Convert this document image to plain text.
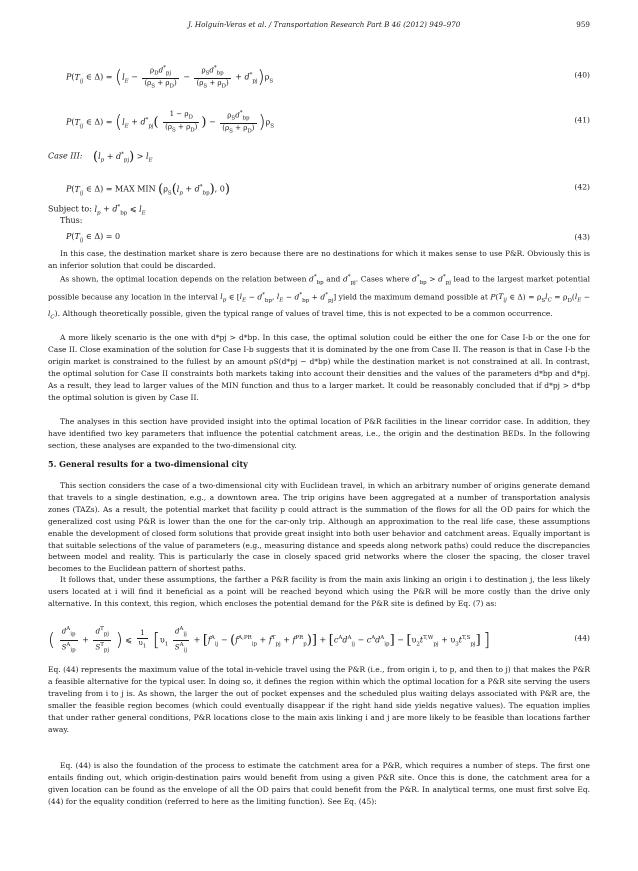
J. Holguín-Veras et al. / Transportation Research Part B 46 (2012) 949–970	959
$P(T_{ij}$ ∈ $\Delta) = (l_E - \frac{\rho_Dd^*_{pj}}{(\rho_S + \rho_D)} - \frac{\rho_Sd^*_{bp}}{(\rho_S + \rho_D)} + d^*_{pj})\rho_S$
(40)
$P(T_{ij}$ ∈ $\Delta) = (l_E + d^*_{pj}( \frac{1 - \rho_D}{(\rho_S + \rho_D)}$ ) − $\frac{\rho_Sd^*_{bp}}{(\rho_S + \rho_D)} )\rho_S$
(41)
Case III: $(l_p + d^*_{pj}) > l_E$
$P(T_{ij}$ ∈ Δ) = MAX MIN ($\rho_S(l_p + d^*_{bp})$, 0)	(42)
Subject to: $l_p + d^*_{bp}$ ⩽ $l_E$
Thus:
$P(T_{ij}$ ∈ Δ) = 0	(43)
In this case, the destination market share is zero because there are no destinations for which it makes sense to use P&R. Obviously this is an inferior solution that could be discarded.
As shown, the optimal location depends on the relation between $d^*_{bp}$ and $d^*_{pj}$. Cases where $d^*_{bp} > d^*_{pj}$ lead to the largest market potential possible because any location in the interval $l_p$ ∈ [$l_E - d^*_{bp}$, $l_E - d^*_{bp} + d^*_{pj}$] yield the maximum demand possible at $P(T_{ij}$ ∈ $\Delta) = \rho_Sl_C = \rho_D(l_E - l_C)$. Although theoretically possible, given the typical range of values of travel time, this is not expected to be a common occurrence.
A more likely scenario is the one with d*pj > d*bp. In this case, the optimal solution could be either the one for Case I-b or the one for Case II. Close examination of the solution for Case I-b suggests that it is dominated by the one from Case II. The reason is that in Case I-b the origin market is constrained to the fullest by an amount ρS(d*pj − d*bp) while the destination market is not constrained at all. In contrast, the optimal solution for Case II constraints both markets taking into account their densities and the values of the parameters d*bp and d*pj. As a result, they lead to larger values of the MIN function and thus to a larger market. It could be reasonably concluded that if d*pj > d*bp the optimal solution is given by Case II.
The analyses in this section have provided insight into the optimal location of P&R facilities in the linear corridor case. In addition, they have identified two key parameters that influence the potential catchment areas, i.e., the origin and the destination BEDs. In the following section, these analyses are expanded to the two-dimensional city.
5. General results for a two-dimensional city
This section considers the case of a two-dimensional city with Euclidean travel, in which an arbitrary number of origins generate demand that travels to a single destination, e.g., a downtown area. The trip origins have been aggregated at a number of transportation analysis zones (TAZs). As a result, the potential market that facility p could attract is the summation of the flows for all the OD pairs for which the generalized cost using P&R is lower than the one for the car-only trip. Although an approximation to the real life case, these assumptions enable the development of closed form solutions that provide great insight into both user behavior and catchment areas. Equally important is that suitable selections of the value of parameters (e.g., measuring distance and speeds along network paths) could reduce the discrepancies between model and reality. This is particularly the case in closely spaced grid networks where the closer the spacing, the closer travel becomes to the Euclidean pattern of shortest paths.
It follows that, under these assumptions, the farther a P&R facility is from the main axis linking an origin i to destination j, the less likely users located at i will find it beneficial as a point will be reached beyond which using the P&R will be more costly than the drive only alternative. In this context, this region, which encloses the potential demand for the P&R site is defined by Eq. (7) as:
( $\frac{d^A_{ip}}{S^A_{ip}} + \frac{d^T_{pj}}{S^T_{pj}}$ ) ⩽ $\frac{1}{\upsilon_1} [\upsilon_1 \frac{d^A_{ij}}{S^A_{ij}} + [f^A_{ij} - (f^{A,PR}_{ip} + f^T_{pj} + f^{PR}_p)] + [c^Ad^A_{ij} - c^Ad^A_{ip}] - [\upsilon_2t^{T,W}_{pj} + \upsilon_3t^{T,S}_{pj}]$ ]	(44)
Eq. (44) represents the maximum value of the total in-vehicle travel using the P&R (i.e., from origin i, to p, and then to j) that makes the P&R a feasible alternative for the typical user. In doing so, it defines the region within which the optimal location for a P&R site serving the users traveling from i to j is. As shown, the larger the out of pocket expenses and the scheduled plus waiting delays associated with P&R are, the smaller the feasible region becomes (which could eventually disappear if the right hand side yields negative values). The equation implies that under rather general conditions, P&R locations close to the main axis linking i and j are more likely to be feasible than locations farther away.
Eq. (44) is also the foundation of the process to estimate the catchment area for a P&R, which requires a number of steps. The first one entails finding out, which origin-destination pairs would benefit from using a given P&R site. Once this is done, the catchment area for a given location can be found as the envelope of all the OD pairs that could benefit from the P&R. In analytical terms, one must first solve Eq. (44) for the equality condition (referred to here as the limiting function). See Eq. (45):
